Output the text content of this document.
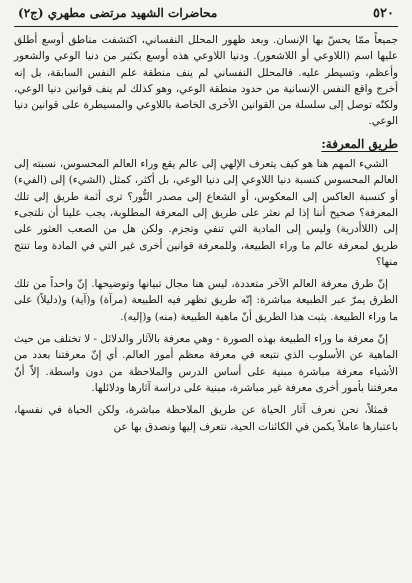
٥٢٠
محاضرات الشهيد مرتضى مطهري (ج٢)

جميعاً ممّا يحسّ بها الإنسان. وبعد ظهور المحلل النفساني، اكتشفت مناطق أوسع أطلق عليها اسم (اللاوعي أو اللاشعور). ودنيا اللاوعي هذه أوسع بكثير من دنيا الوعي والشعور وأعظم، وتسيطر عليه. فالمحلل النفساني لم ينف منطقة علم النفس السابقة، بل إنه أخرج واقع النفس الإنسانية من حدود منطقة الوعي، وهو كذلك لم ينف قوانين دنيا الوعي، ولكنّه توصل إلى سلسلة من القوانين الأخرى الخاصة باللاوعي والمسيطرة على قوانين دنيا الوعي.

طريق المعرفة:

الشيء المهم هنا هو كيف يتعرف الإلهي إلى عالم يقع وراء العالم المحسوس، نسبته إلى العالم المحسوس كنسبة دنيا اللاوعي إلى دنيا الوعي، بل أكثر، كمثل (الشيء) إلى (الفيء) أو كنسبة العاكس إلى المعكوس، أو الشعاع إلى مصدر النُّور؟ ترى أثمة طريق إلى تلك المعرفة؟ صحيح أننا إذا لم نعثر على طريق إلى المعرفة المطلوبة، يجب علينا أن نلتجىء إلى (اللاأدرية) وليس إلى المادية التي تنفي وتجزم. ولكن هل من الصعب العثور على طريق لمعرفة عالم ما وراء الطبيعة، وللمعرفة قوانين أخرى غير التي في المادة وما تنتج منها؟

إنّ طرق معرفة العالم الآخر متعددة، ليس هنا مجال تبيانها وتوضيحها. إنّ واحداً من تلك الطرق يمرّ عبر الطبيعة مباشرة: إنّه طريق تظهر فيه الطبيعة (مرآة) و(آية) و(دليلاً) على ما وراء الطبيعة. يثبت هذا الطريق أنّ ماهية الطبيعة (منه) و(إليه).

إنّ معرفة ما وراء الطبيعة بهذه الصورة - وهي معرفة بالآثار والدلائل - لا تختلف من حيث الماهية عن الأسلوب الذي نتبعه في معرفة معظم أمور العالم. أي إنّ معرفتنا بعدد من الأشياء معرفة مباشرة مبنية على أساس الدرس والملاحظة من دون واسطة. إلاّ أنّ معرفتنا بأمور أخرى معرفة غير مباشرة، مبنية على دراسة آثارها ودلائلها.

فمثلاً، نحن نعرف آثار الحياة عن طريق الملاحظة مباشرة، ولكن الحياة في نفسها، باعتبارها عاملاً يكمن في الكائنات الحية، نتعرف إليها ونصدق بها عن
